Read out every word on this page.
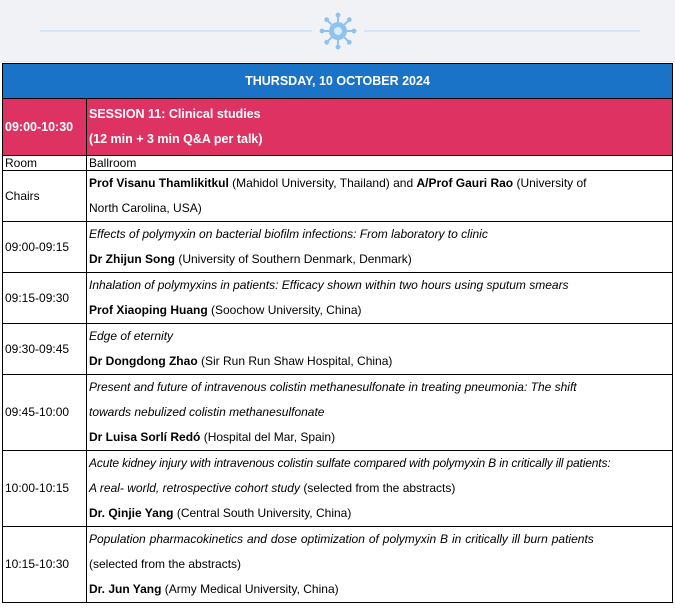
THURSDAY, 10 OCTOBER 2024	
09:00-10:30	SESSION 11: Clinical studies
(12 min + 3 min Q&A per talk)

Room	Ballroom
Chairs	Prof Visanu Thamlikitkul (Mahidol University, Thailand) and A/Prof Gauri Rao (University of
North Carolina, USA)

09:00-09:15	Effects of polymyxin on bacterial biofilm infections: From laboratory to clinic
Dr Zhijun Song (University of Southern Denmark, Denmark)

09:15-09:30	Inhalation of polymyxins in patients: Efficacy shown within two hours using sputum smears
Prof Xiaoping Huang (Soochow University, China)

09:30-09:45	Edge of eternity
Dr Dongdong Zhao (Sir Run Run Shaw Hospital, China)

09:45-10:00	Present and future of intravenous colistin methanesulfonate in treating pneumonia: The shift
towards nebulized colistin methanesulfonate
Dr Luisa Sorlí Redó (Hospital del Mar, Spain)

10:00-10:15	Acute kidney injury with intravenous colistin sulfate compared with polymyxin B in critically ill patients:
A real- world, retrospective cohort study (selected from the abstracts)
Dr. Qinjie Yang (Central South University, China)

10:15-10:30	Population pharmacokinetics and dose optimization of polymyxin B in critically ill burn patients
(selected from the abstracts)
Dr. Jun Yang (Army Medical University, China)
